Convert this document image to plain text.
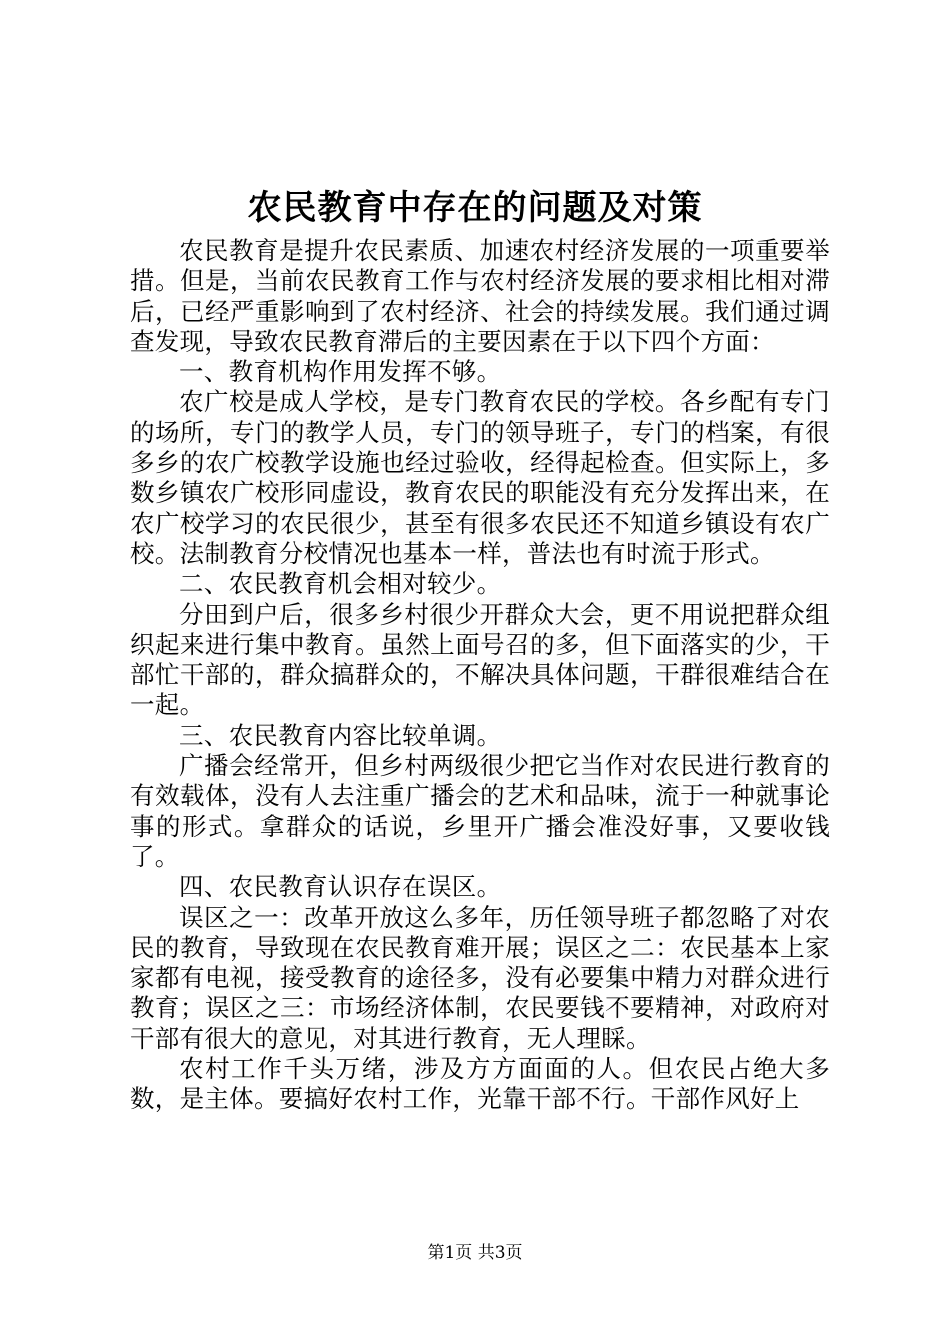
农民教育中存在的问题及对策

农民教育是提升农民素质、加速农村经济发展的一项重要举措。但是，当前农民教育工作与农村经济发展的要求相比相对滞后，已经严重影响到了农村经济、社会的持续发展。我们通过调查发现，导致农民教育滞后的主要因素在于以下四个方面：

一、教育机构作用发挥不够。

农广校是成人学校，是专门教育农民的学校。各乡配有专门的场所，专门的教学人员，专门的领导班子，专门的档案，有很多乡的农广校教学设施也经过验收，经得起检查。但实际上，多数乡镇农广校形同虚设，教育农民的职能没有充分发挥出来，在农广校学习的农民很少，甚至有很多农民还不知道乡镇设有农广校。法制教育分校情况也基本一样，普法也有时流于形式。

二、农民教育机会相对较少。

分田到户后，很多乡村很少开群众大会，更不用说把群众组织起来进行集中教育。虽然上面号召的多，但下面落实的少，干部忙干部的，群众搞群众的，不解决具体问题，干群很难结合在一起。

三、农民教育内容比较单调。

广播会经常开，但乡村两级很少把它当作对农民进行教育的有效载体，没有人去注重广播会的艺术和品味，流于一种就事论事的形式。拿群众的话说，乡里开广播会准没好事，又要收钱了。

四、农民教育认识存在误区。

误区之一：改革开放这么多年，历任领导班子都忽略了对农民的教育，导致现在农民教育难开展；误区之二：农民基本上家家都有电视，接受教育的途径多，没有必要集中精力对群众进行教育；误区之三：市场经济体制，农民要钱不要精神，对政府对干部有很大的意见，对其进行教育，无人理睬。

农村工作千头万绪，涉及方方面面的人。但农民占绝大多数，是主体。要搞好农村工作，光靠干部不行。干部作风好上

第1页 共3页
